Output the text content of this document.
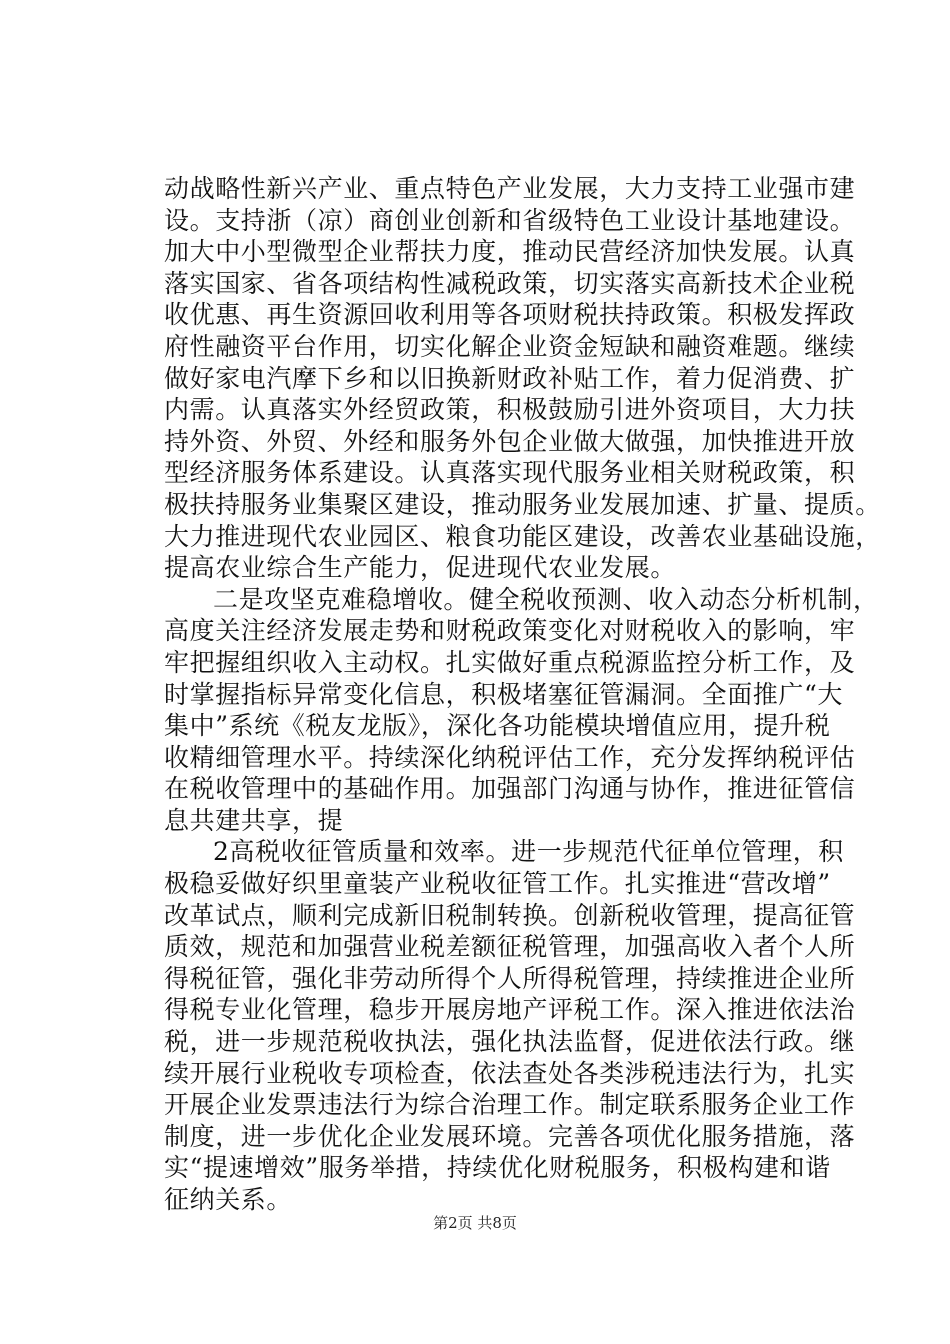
动战略性新兴产业、重点特色产业发展，大力支持工业强市建
设。支持浙（凉）商创业创新和省级特色工业设计基地建设。
加大中小型微型企业帮扶力度，推动民营经济加快发展。认真
落实国家、省各项结构性减税政策，切实落实高新技术企业税
收优惠、再生资源回收利用等各项财税扶持政策。积极发挥政
府性融资平台作用，切实化解企业资金短缺和融资难题。继续
做好家电汽摩下乡和以旧换新财政补贴工作，着力促消费、扩
内需。认真落实外经贸政策，积极鼓励引进外资项目，大力扶
持外资、外贸、外经和服务外包企业做大做强，加快推进开放
型经济服务体系建设。认真落实现代服务业相关财税政策，积
极扶持服务业集聚区建设，推动服务业发展加速、扩量、提质。
大力推进现代农业园区、粮食功能区建设，改善农业基础设施，
提高农业综合生产能力，促进现代农业发展。
二是攻坚克难稳增收。健全税收预测、收入动态分析机制，
高度关注经济发展走势和财税政策变化对财税收入的影响，牢
牢把握组织收入主动权。扎实做好重点税源监控分析工作，及
时掌握指标异常变化信息，积极堵塞征管漏洞。全面推广“大
集中”系统《税友龙版》，深化各功能模块增值应用，提升税
收精细管理水平。持续深化纳税评估工作，充分发挥纳税评估
在税收管理中的基础作用。加强部门沟通与协作，推进征管信
息共建共享，提
2高税收征管质量和效率。进一步规范代征单位管理，积
极稳妥做好织里童装产业税收征管工作。扎实推进“营改增”
改革试点，顺利完成新旧税制转换。创新税收管理，提高征管
质效，规范和加强营业税差额征税管理，加强高收入者个人所
得税征管，强化非劳动所得个人所得税管理，持续推进企业所
得税专业化管理，稳步开展房地产评税工作。深入推进依法治
税，进一步规范税收执法，强化执法监督，促进依法行政。继
续开展行业税收专项检查，依法查处各类涉税违法行为，扎实
开展企业发票违法行为综合治理工作。制定联系服务企业工作
制度，进一步优化企业发展环境。完善各项优化服务措施，落
实“提速增效”服务举措，持续优化财税服务，积极构建和谐
征纳关系。
第2页 共8页
